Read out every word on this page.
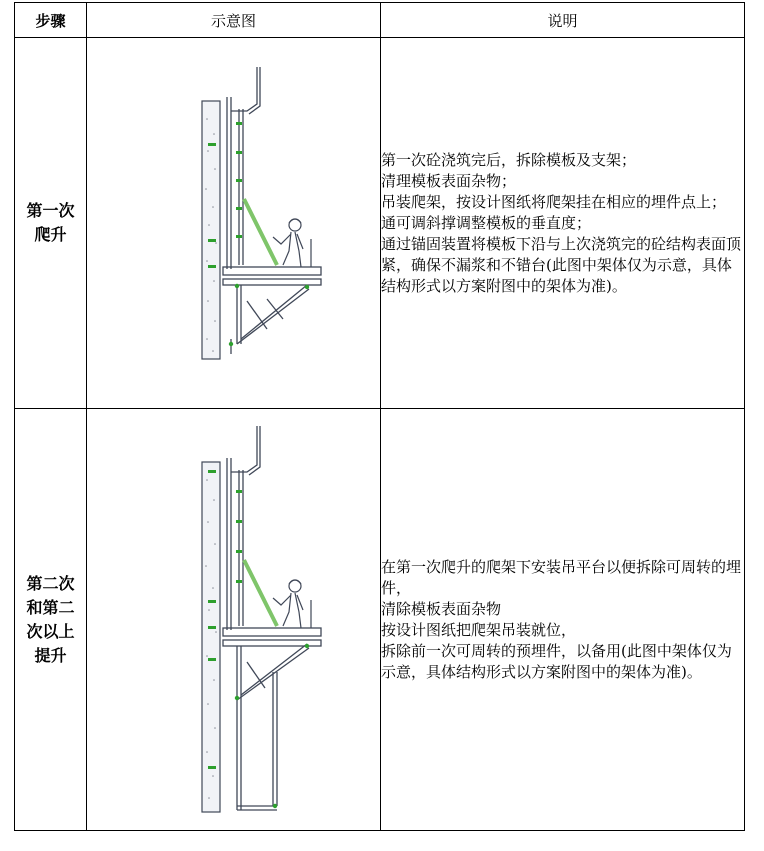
步骤	示意图	说明
第一次爬升		第一次砼浇筑完后，拆除模板及支架；
清理模板表面杂物；
吊装爬架，按设计图纸将爬架挂在相应的埋件点上；
通可调斜撑调整模板的垂直度；
通过锚固装置将模板下沿与上次浇筑完的砼结构表面顶紧，确保不漏浆和不错台(此图中架体仅为示意，具体结构形式以方案附图中的架体为准)。

第二次和第二次以上提升		在第一次爬升的爬架下安装吊平台以便拆除可周转的埋件，
清除模板表面杂物
按设计图纸把爬架吊装就位，
拆除前一次可周转的预埋件，以备用(此图中架体仅为示意，具体结构形式以方案附图中的架体为准)。
